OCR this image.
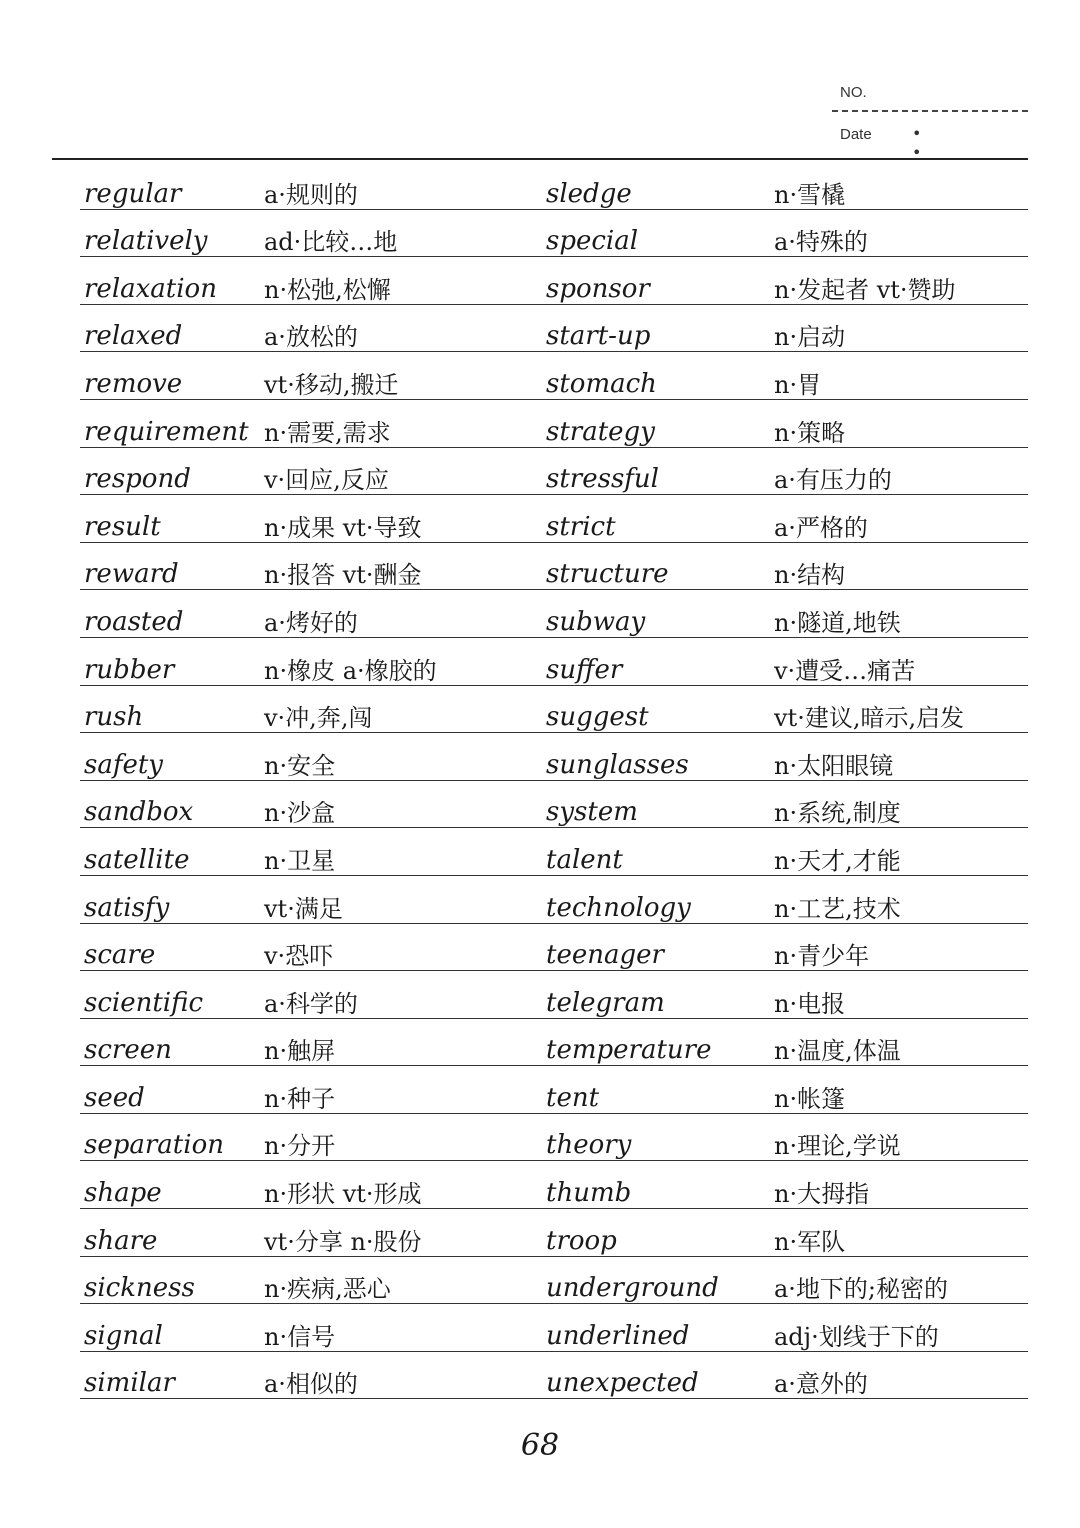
NO.
Date	• •
regular	a·规则的	sledge	n·雪橇
relatively ad·比较…地	special	a·特殊的
relaxation n·松弛,松懈	sponsor	n·发起者 vt·赞助
relaxed	a·放松的	start-up	n·启动
remove	vt·移动,搬迁	stomach	n·胃
requirement n·需要,需求	strategy	n·策略
respond	v·回应,反应	stressful	a·有压力的
result	n·成果 vt·导致	strict	a·严格的
reward	n·报答 vt·酬金	structure	n·结构
roasted	a·烤好的	subway	n·隧道,地铁
rubber	n·橡皮 a·橡胶的	suffer	v·遭受…痛苦
rush	v·冲,奔,闯	suggest	vt·建议,暗示,启发
safety	n·安全	sunglasses	n·太阳眼镜
sandbox	n·沙盒	system	n·系统,制度
satellite	n·卫星	talent	n·天才,才能
satisfy	vt·满足	technology	n·工艺,技术
scare	v·恐吓	teenager	n·青少年
scientific	a·科学的	telegram	n·电报
screen	n·触屏	temperature	n·温度,体温
seed	n·种子	tent	n·帐篷
separation n·分开	theory	n·理论,学说
shape	n·形状 vt·形成	thumb	n·大拇指
share	vt·分享 n·股份	troop	n·军队
sickness	n·疾病,恶心	underground a·地下的;秘密的
signal	n·信号	underlined	adj·划线于下的
similar	a·相似的	unexpected	a·意外的
68
